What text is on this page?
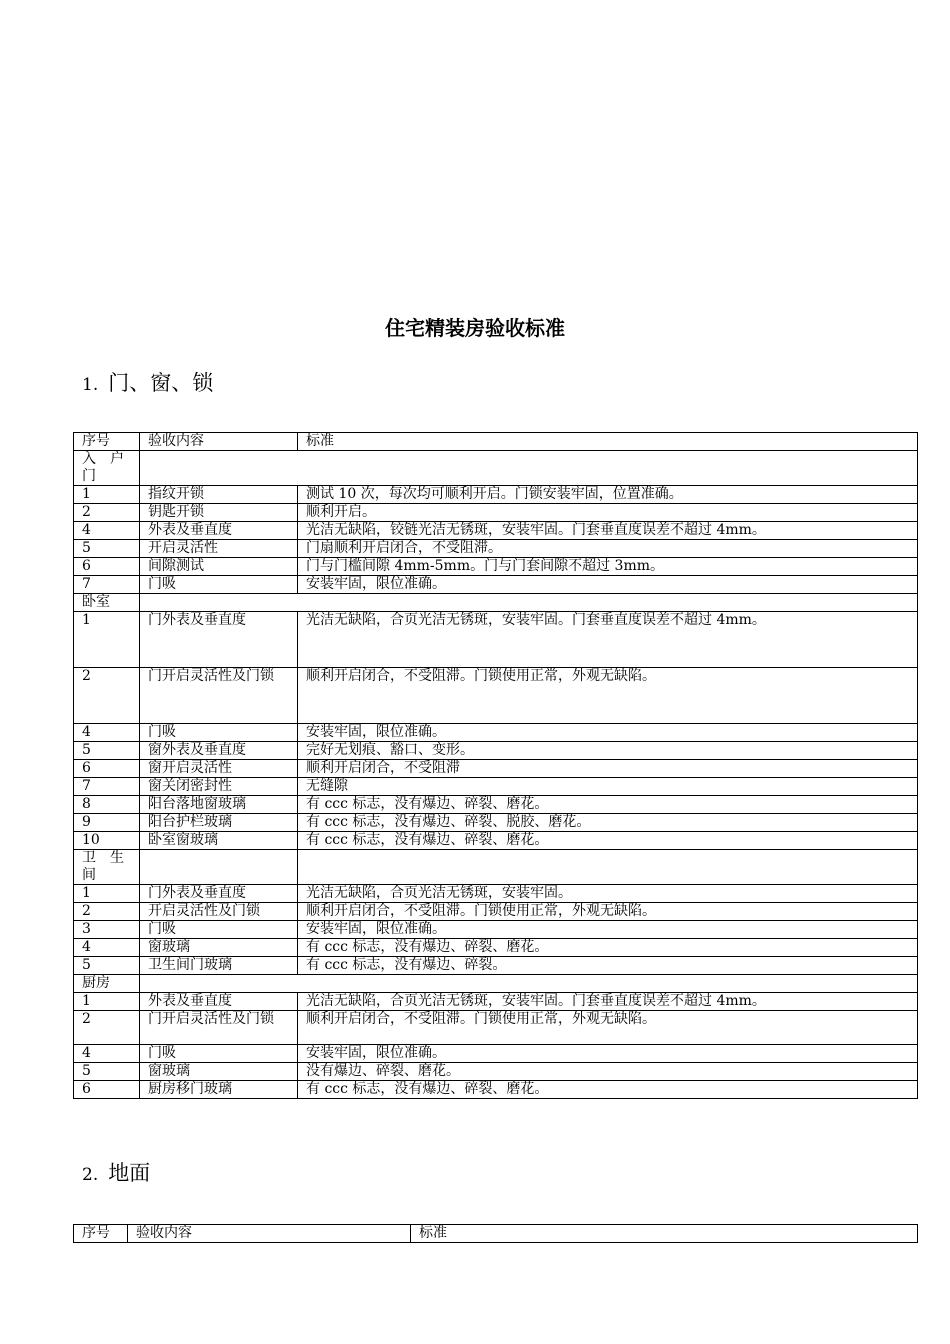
住宅精装房验收标准
1. 门、窗、锁
序号	验收内容	标准

入　户
门		

1	指纹开锁	测试 10 次，每次均可顺利开启。门锁安装牢固，位置准确。
2	钥匙开锁	顺利开启。
4	外表及垂直度	光洁无缺陷，铰链光洁无锈斑，安装牢固。门套垂直度误差不超过 4mm。
5	开启灵活性	门扇顺利开启闭合，不受阻滞。
6	间隙测试	门与门槛间隙 4mm-5mm。门与门套间隙不超过 3mm。
7	门吸	安装牢固，限位准确。

卧室		

1	门外表及垂直度	光洁无缺陷，合页光洁无锈斑，安装牢固。门套垂直度误差不超过 4mm。
2	门开启灵活性及门锁	顺利开启闭合，不受阻滞。门锁使用正常，外观无缺陷。
4	门吸	安装牢固，限位准确。
5	窗外表及垂直度	完好无划痕、豁口、变形。
6	窗开启灵活性	顺利开启闭合，不受阻滞
7	窗关闭密封性	无缝隙
8	阳台落地窗玻璃	有 ccc 标志，没有爆边、碎裂、磨花。
9	阳台护栏玻璃	有 ccc 标志，没有爆边、碎裂、脱胶、磨花。
10	卧室窗玻璃	有 ccc 标志，没有爆边、碎裂、磨花。

卫　生
间		

1	门外表及垂直度	光洁无缺陷，合页光洁无锈斑，安装牢固。
2	开启灵活性及门锁	顺利开启闭合，不受阻滞。门锁使用正常，外观无缺陷。
3	门吸	安装牢固，限位准确。
4	窗玻璃	有 ccc 标志，没有爆边、碎裂、磨花。
5	卫生间门玻璃	有 ccc 标志，没有爆边、碎裂。

厨房		

1	外表及垂直度	光洁无缺陷，合页光洁无锈斑，安装牢固。门套垂直度误差不超过 4mm。
2	门开启灵活性及门锁	顺利开启闭合，不受阻滞。门锁使用正常，外观无缺陷。
4	门吸	安装牢固，限位准确。
5	窗玻璃	没有爆边、碎裂、磨花。
6	厨房移门玻璃	有 ccc 标志，没有爆边、碎裂、磨花。
2. 地面
序号	验收内容	标准
